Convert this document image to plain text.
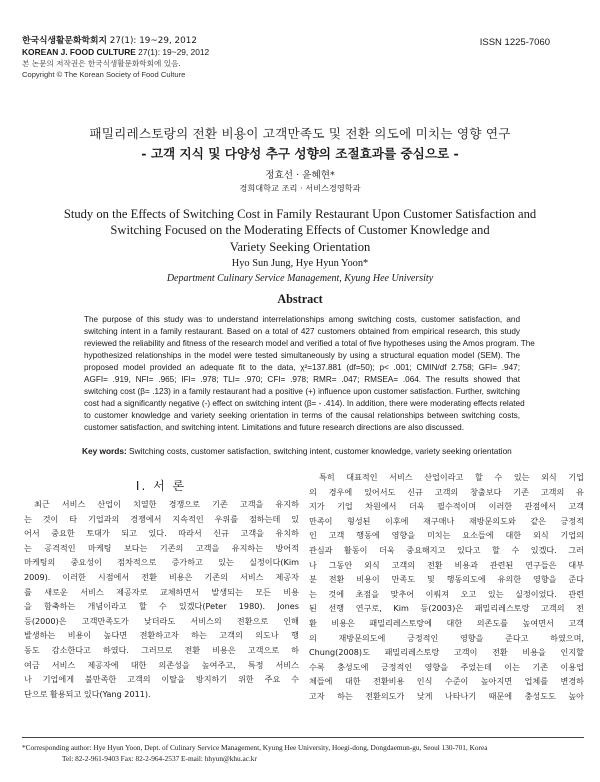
한국식생활문화학회지 27(1): 19~29, 2012
KOREAN J. FOOD CULTURE 27(1): 19~29, 2012
본 논문의 저작권은 한국식생활문화학회에 있음.
Copyright © The Korean Society of Food Culture
ISSN 1225-7060
패밀리레스토랑의 전환 비용이 고객만족도 및 전환 의도에 미치는 영향 연구
- 고객 지식 및 다양성 추구 성향의 조절효과를 중심으로 -
정효선 · 윤혜현*
경희대학교 조리 · 서비스경영학과
Study on the Effects of Switching Cost in Family Restaurant Upon Customer Satisfaction and
Switching Focused on the Moderating Effects of Customer Knowledge and
Variety Seeking Orientation
Hyo Sun Jung, Hye Hyun Yoon*
Department Culinary Service Management, Kyung Hee University
Abstract
The purpose of this study was to understand interrelationships among switching costs, customer satisfaction, and
switching intent in a family restaurant. Based on a total of 427 customers obtained from empirical research, this study
reviewed the reliability and fitness of the research model and verified a total of five hypotheses using the Amos program. The
hypothesized relationships in the model were tested simultaneously by using a structural equation model (SEM). The
proposed model provided an adequate fit to the data, χ²=137.881 (df=50); p< .001; CMIN/df 2.758; GFI= .947;
AGFI= .919, NFI= .965; IFI= .978; TLI= .970; CFI= .978; RMR= .047; RMSEA= .064. The results showed that
switching cost (β= .123) in a family restaurant had a positive (+) influence upon customer satisfaction. Further, switching
cost had a significantly negative (-) effect on switching intent (β= - .414). In addition, there were moderating effects related
to customer knowledge and variety seeking orientation in terms of the causal relationships between switching costs,
customer satisfaction, and switching intent. Limitations and future research directions are also discussed.
Key words: Switching costs, customer satisfaction, switching intent, customer knowledge, variety seeking orientation
Ⅰ. 서 론
최근 서비스 산업이 치열한 경쟁으로 기존 고객을 유지하
는 것이 타 기업과의 경쟁에서 지속적인 우위를 점하는데 있
어서 중요한 토대가 되고 있다. 따라서 신규 고객을 유치하
는 공격적인 마케팅 보다는 기존의 고객을 유지하는 방어적
마케팅의 중요성이 점차적으로 증가하고 있는 실정이다(Kim
2009). 이러한 시점에서 전환 비용은 기존의 서비스 제공자
를 새로운 서비스 제공자로 교체하면서 발생되는 모든 비용
을 함축하는 개념이라고 할 수 있겠다(Peter 1980). Jones
등(2000)은 고객만족도가 낮더라도 서비스의 전환으로 인해
발생하는 비용이 높다면 전환하고자 하는 고객의 의도나 행
동도 감소한다고 하였다. 그러므로 전환 비용은 고객으로 하
여금 서비스 제공자에 대한 의존성을 높여주고, 특정 서비스
나 기업에게 불만족한 고객의 이탈을 방지하기 위한 주요 수
단으로 활용되고 있다(Yang 2011).
특히 대표적인 서비스 산업이라고 할 수 있는 외식 기업
의 경우에 있어서도 신규 고객의 창출보다 기존 고객의 유
지가 기업 차원에서 더욱 필수적이며 이러한 관점에서 고객
만족이 형성된 이후에 재구매나 재방문의도와 같은 긍정적
인 고객 행동에 영향을 미치는 요소들에 대한 외식 기업의
관심과 활동이 더욱 중요해지고 있다고 할 수 있겠다. 그러
나 그동안 외식 고객의 전환 비용과 관련된 연구들은 대부
분 전환 비용이 만족도 및 행동의도에 유의한 영향을 준다
는 것에 초점을 맞추어 이뤄져 오고 있는 실정이었다. 관련
된 선행 연구로, Kim 등(2003)은 패밀리레스토랑 고객의 전
환 비용은 패밀리레스토랑에 대한 의존도를 높여면서 고객
의 재방문의도에 긍정적인 영향을 준다고 하였으며,
Chung(2008)도 패밀리레스토랑 고객이 전환 비용을 인지할
수록 충성도에 긍정적인 영향을 주었는데 이는 기존 이용업
체들에 대한 전환비용 인식 수준이 높아지면 업체를 변경하
고자 하는 전환의도가 낮게 나타나기 때문에 충성도도 높아
*Corresponding author: Hye Hyun Yoon, Dept. of Culinary Service Management, Kyung Hee University, Hoegi-dong, Dongdaemun-gu, Seoul 130-701, Korea
Tel: 82-2-961-9403 Fax: 82-2-964-2537 E-mail: hhyun@khu.ac.kr
